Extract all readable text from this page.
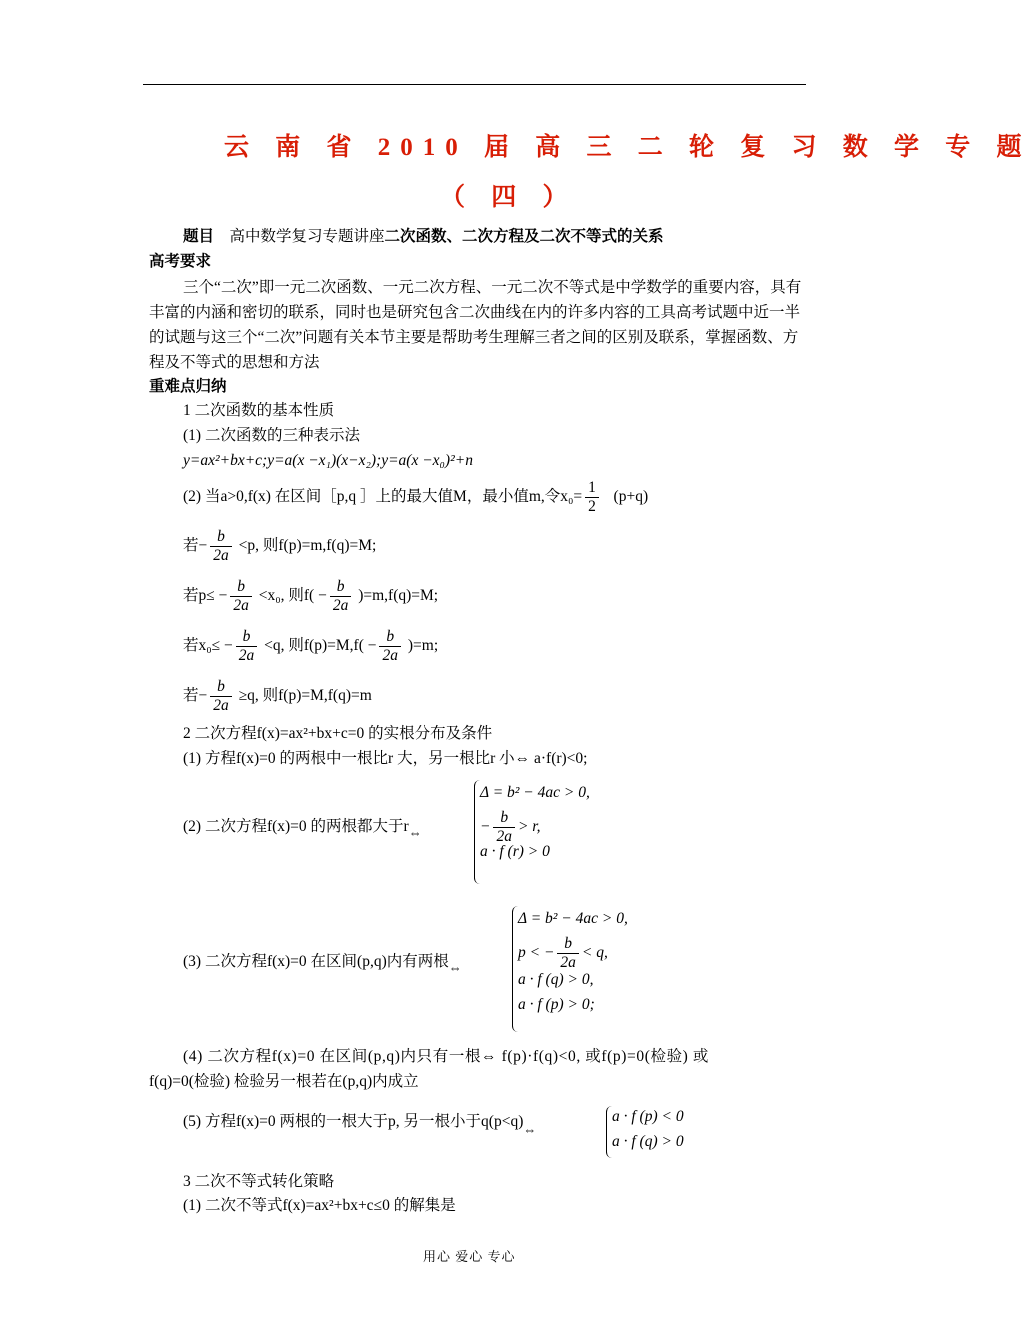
云 南 省 2010 届 高 三 二 轮 复 习 数 学 专 题
（ 四 ）
题目 高中数学复习专题讲座二次函数、二次方程及二次不等式的关系
高考要求
三个“二次”即一元二次函数、一元二次方程、一元二次不等式是中学数学的重要内容，具有丰富的内涵和密切的联系，同时也是研究包含二次曲线在内的许多内容的工具高考试题中近一半的试题与这三个“二次”问题有关本节主要是帮助考生理解三者之间的区别及联系，掌握函数、方程及不等式的思想和方法
重难点归纳
1 二次函数的基本性质
(1) 二次函数的三种表示法
y=ax²+bx+c;y=a(x −x₁)(x−x₂);y=a(x −x₀)²+n
(2) 当a>0,f(x) 在区间［p,q ］上的最大值M，最小值m,令$x_0= \frac{1}{2} (p+q)$
若− $\frac{b}{2a} <p$, 则f(p)=m,f(q)=M;
若$p\le - \frac{b}{2a} <x_0$, 则$f( - \frac{b}{2a} )=m,f(q)=M$;
若$x_0\le - \frac{b}{2a} <q$, 则$f(p)=M,f( - \frac{b}{2a} )=m$;
若− $\frac{b}{2a} \ge q$, 则f(p)=M,f(q)=m
2 二次方程f(x)=ax²+bx+c=0 的实根分布及条件
(1) 方程f(x)=0 的两根中一根比r 大，另一根比r 小⇔ a·f(r)<0;
(2) 二次方程f(x)=0 的两根都大于$r_\Leftrightarrow$
Δ = b² − 4ac > 0,
− $\frac{b}{2a} > r$,
a · f (r) > 0
(3) 二次方程f(x)=0 在区间(p,q)内有两根$_\Leftrightarrow$
Δ = b² − 4ac > 0,
p < − $\frac{b}{2a} < q$,
a · f (q) > 0,
a · f (p) > 0;
(4) 二次方程f(x)=0 在区间(p,q)内只有一根⇔ f(p)·f(q)<0, 或f(p)=0(检验) 或
f(q)=0(检验) 检验另一根若在(p,q)内成立
(5) 方程f(x)=0 两根的一根大于p, 另一根小于$q(p<q)_\Leftrightarrow$
a · f (p) < 0
a · f (q) > 0
3 二次不等式转化策略
(1) 二次不等式f(x)=ax²+bx+c≤0 的解集是
用心 爱心 专心
